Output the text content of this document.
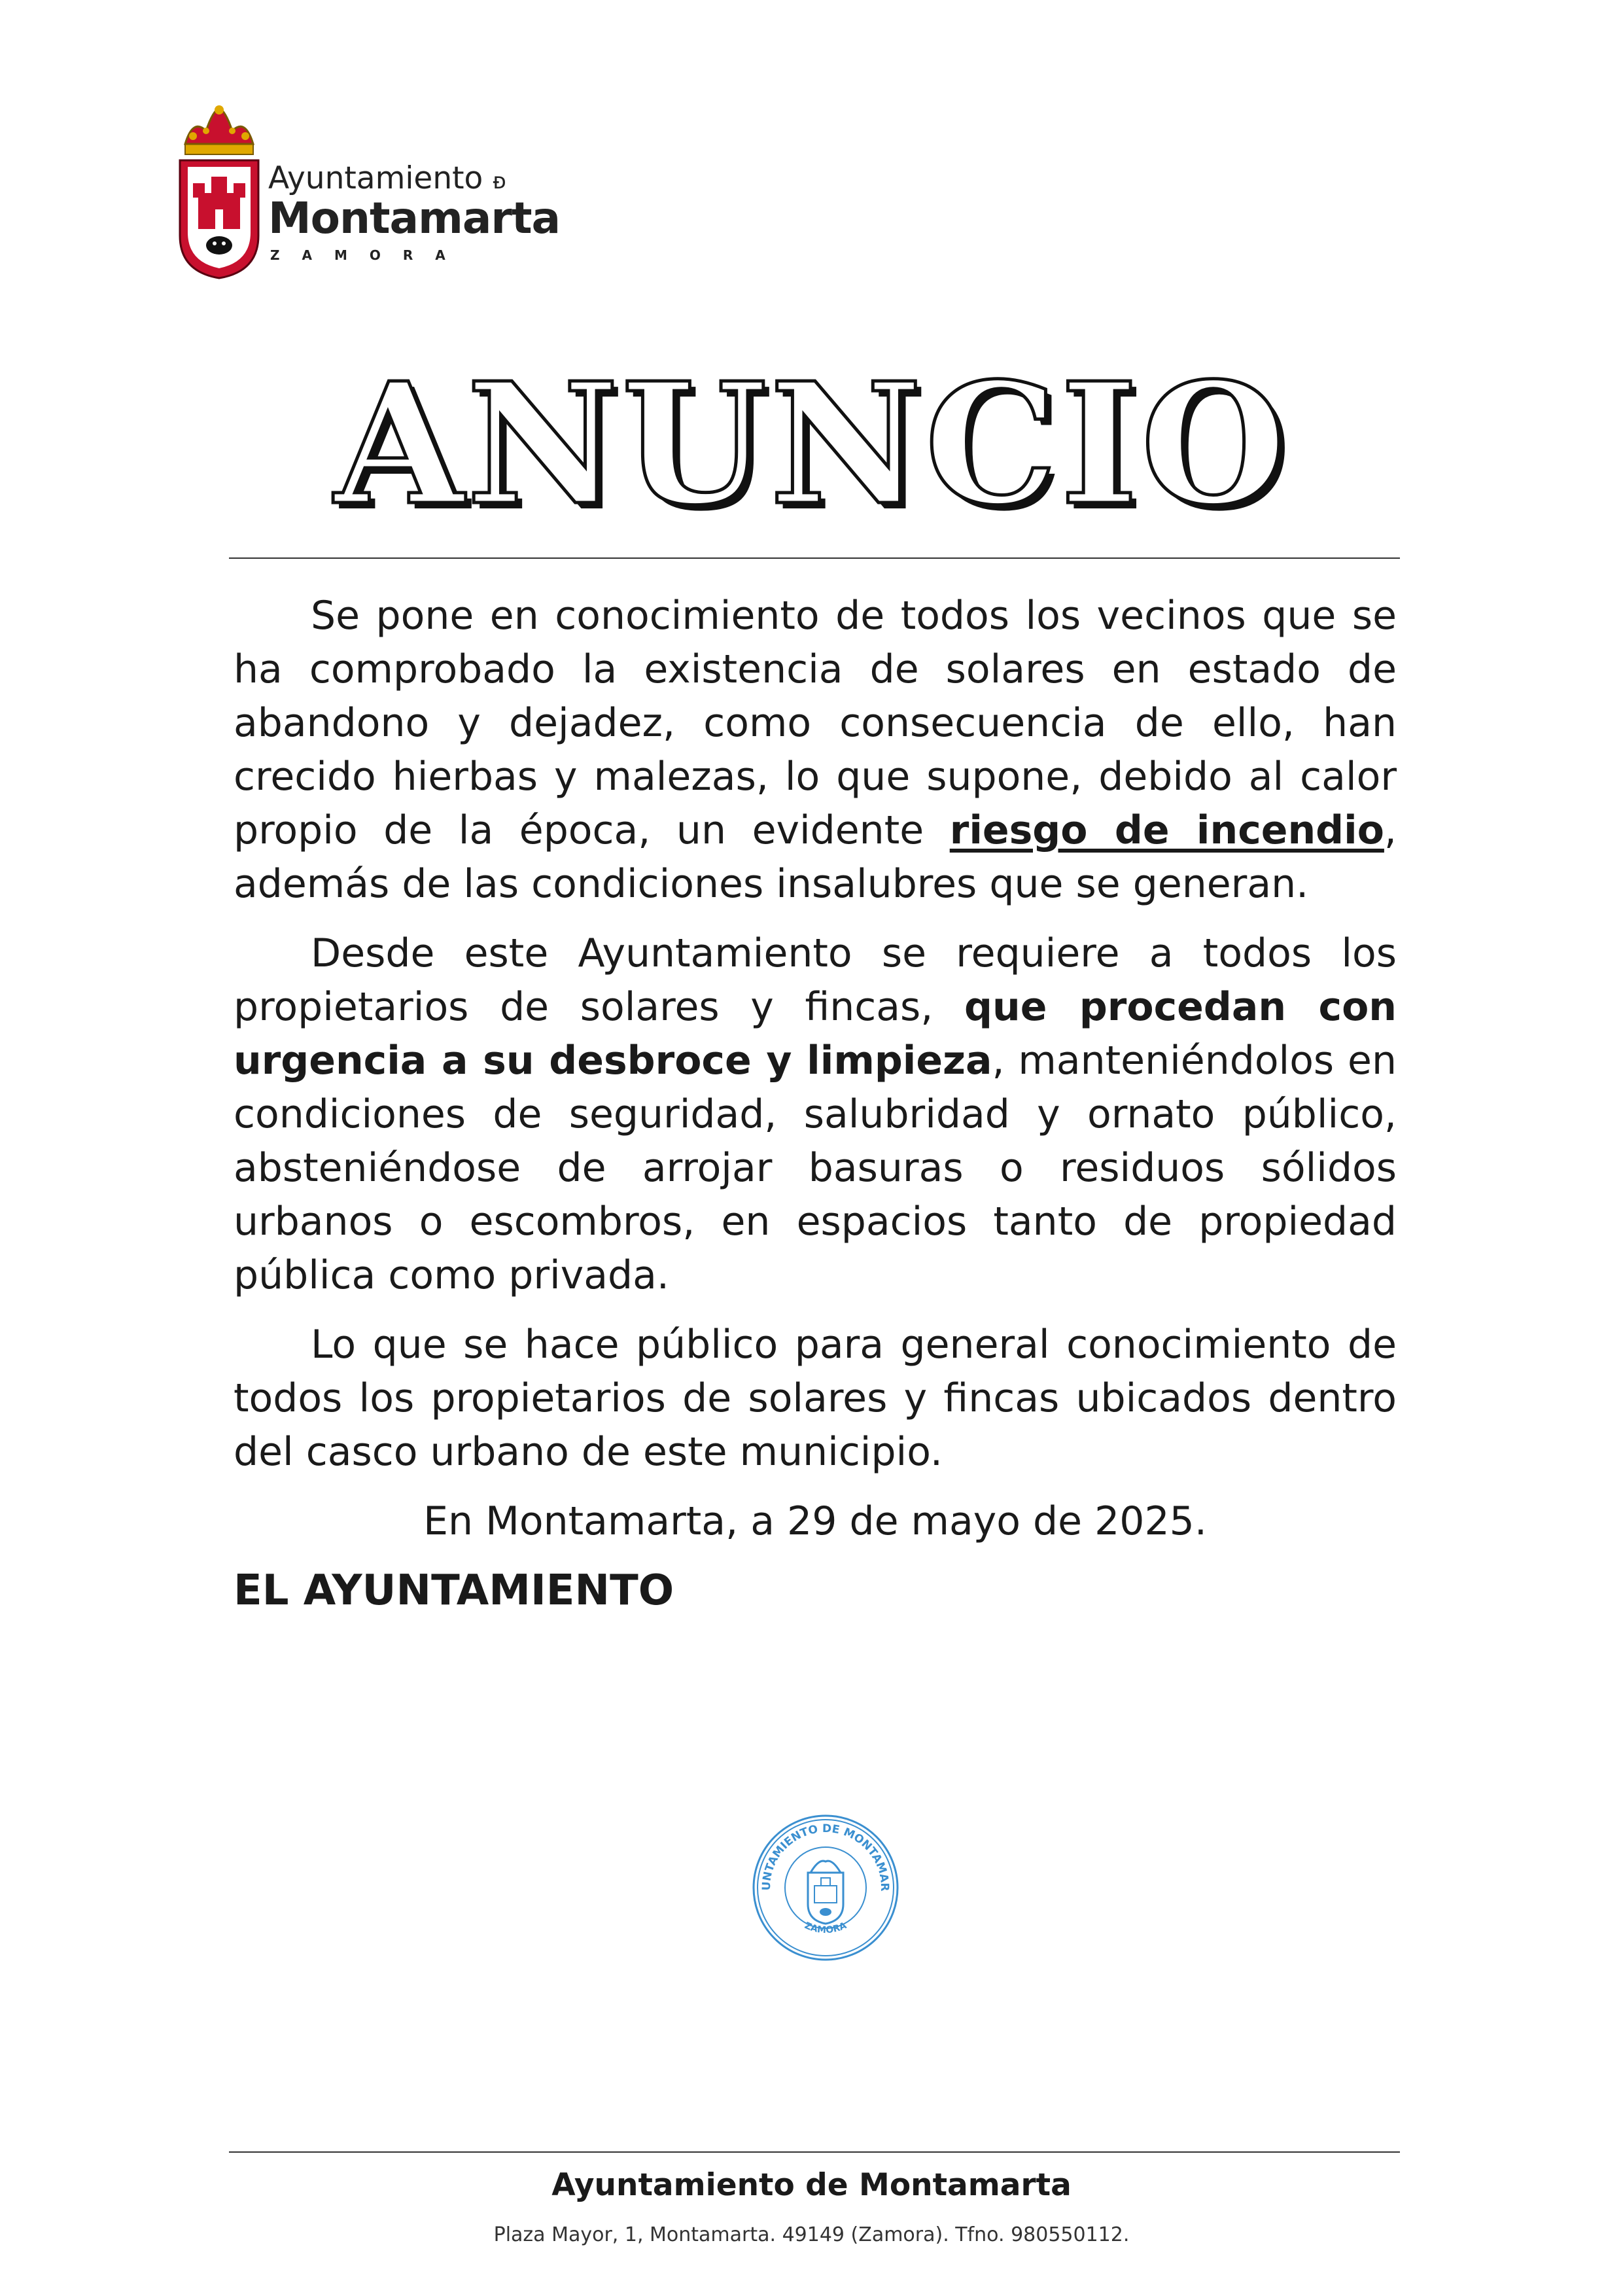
Ayuntamiento ᴆ
Montamarta
ZAMORA
ANUNCIO

Se pone en conocimiento de todos los vecinos que se ha comprobado la existencia de solares en estado de abandono y dejadez, como consecuencia de ello, han crecido hierbas y malezas, lo que supone, debido al calor propio de la época, un evidente riesgo de incendio, además de las condiciones insalubres que se generan.

Desde este Ayuntamiento se requiere a todos los propietarios de solares y fincas, que procedan con urgencia a su desbroce y limpieza, manteniéndolos en condiciones de seguridad, salubridad y ornato público, absteniéndose de arrojar basuras o residuos sólidos urbanos o escombros, en espacios tanto de propiedad pública como privada.

Lo que se hace público para general conocimiento de todos los propietarios de solares y fincas ubicados dentro del casco urbano de este municipio.

En Montamarta, a 29 de mayo de 2025.

EL AYUNTAMIENTO

UNTAMIENTO DE MONTAMAR
ZAMORA
Ayuntamiento de Montamarta
Plaza Mayor, 1, Montamarta. 49149 (Zamora). Tfno. 980550112.
